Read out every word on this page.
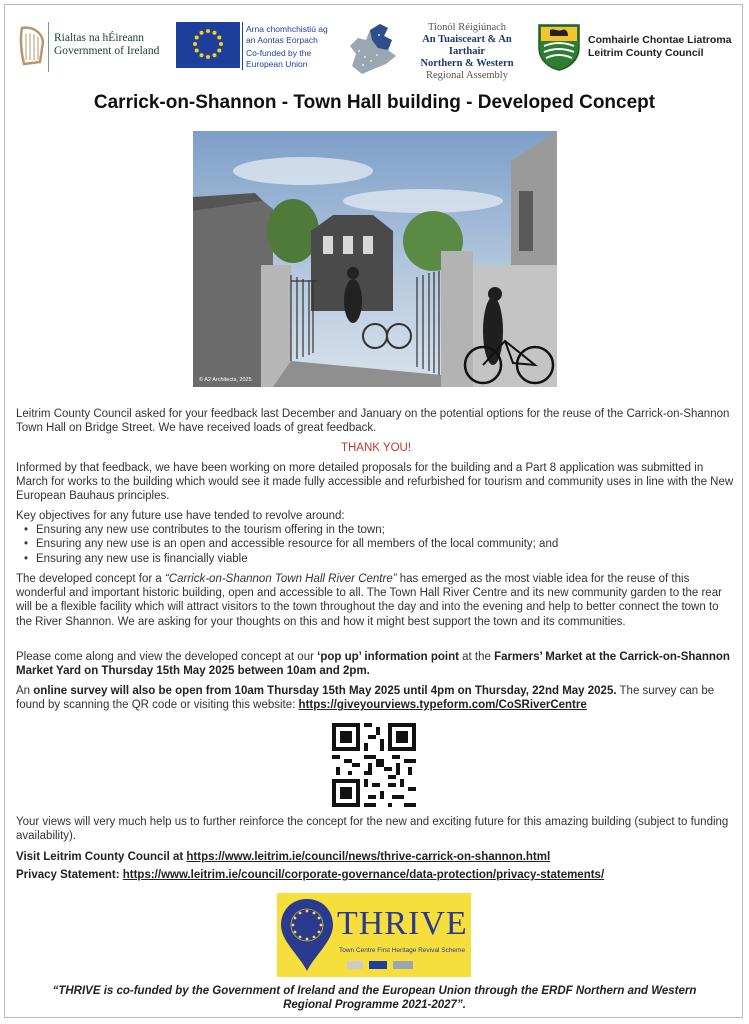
Rialtas na hÉireann
Government of Ireland
Arna chomhchistiú ag
an Aontas Eorpach
Co-funded by the
European Union
Tionól Réigiúnach
An Tuaisceart & An Iarthair
Northern & Western
Regional Assembly
Comhairle Chontae Liatroma
Leitrim County Council
Carrick-on-Shannon - Town Hall building - Developed Concept
© A2 Architects, 2025

Leitrim County Council asked for your feedback last December and January on the potential options for the reuse of the Carrick-on-Shannon Town Hall on Bridge Street. We have received loads of great feedback.

THANK YOU!

Informed by that feedback, we have been working on more detailed proposals for the building and a Part 8 application was submitted in March for works to the building which would see it made fully accessible and refurbished for tourism and community uses in line with the New European Bauhaus principles.

Key objectives for any future use have tended to revolve around:

• Ensuring any new use contributes to the tourism offering in the town;
• Ensuring any new use is an open and accessible resource for all members of the local community; and
• Ensuring any new use is financially viable

The developed concept for a “Carrick-on-Shannon Town Hall River Centre” has emerged as the most viable idea for the reuse of this wonderful and important historic building, open and accessible to all. The Town Hall River Centre and its new community garden to the rear will be a flexible facility which will attract visitors to the town throughout the day and into the evening and help to better connect the town to the River Shannon. We are asking for your thoughts on this and how it might best support the town and its communities.

Please come along and view the developed concept at our ‘pop up’ information point at the Farmers’ Market at the Carrick-on-Shannon Market Yard on Thursday 15th May 2025 between 10am and 2pm.

An online survey will also be open from 10am Thursday 15th May 2025 until 4pm on Thursday, 22nd May 2025. The survey can be found by scanning the QR code or visiting this website: https://giveyourviews.typeform.com/CoSRiverCentre

Your views will very much help us to further reinforce the concept for the new and exciting future for this amazing building (subject to funding availability).

Visit Leitrim County Council at https://www.leitrim.ie/council/news/thrive-carrick-on-shannon.html

Privacy Statement: https://www.leitrim.ie/council/corporate-governance/data-protection/privacy-statements/

THRIVE
Town Centre First Heritage Revival Scheme
“THRIVE is co-funded by the Government of Ireland and the European Union through the ERDF Northern and Western Regional Programme 2021-2027”.
